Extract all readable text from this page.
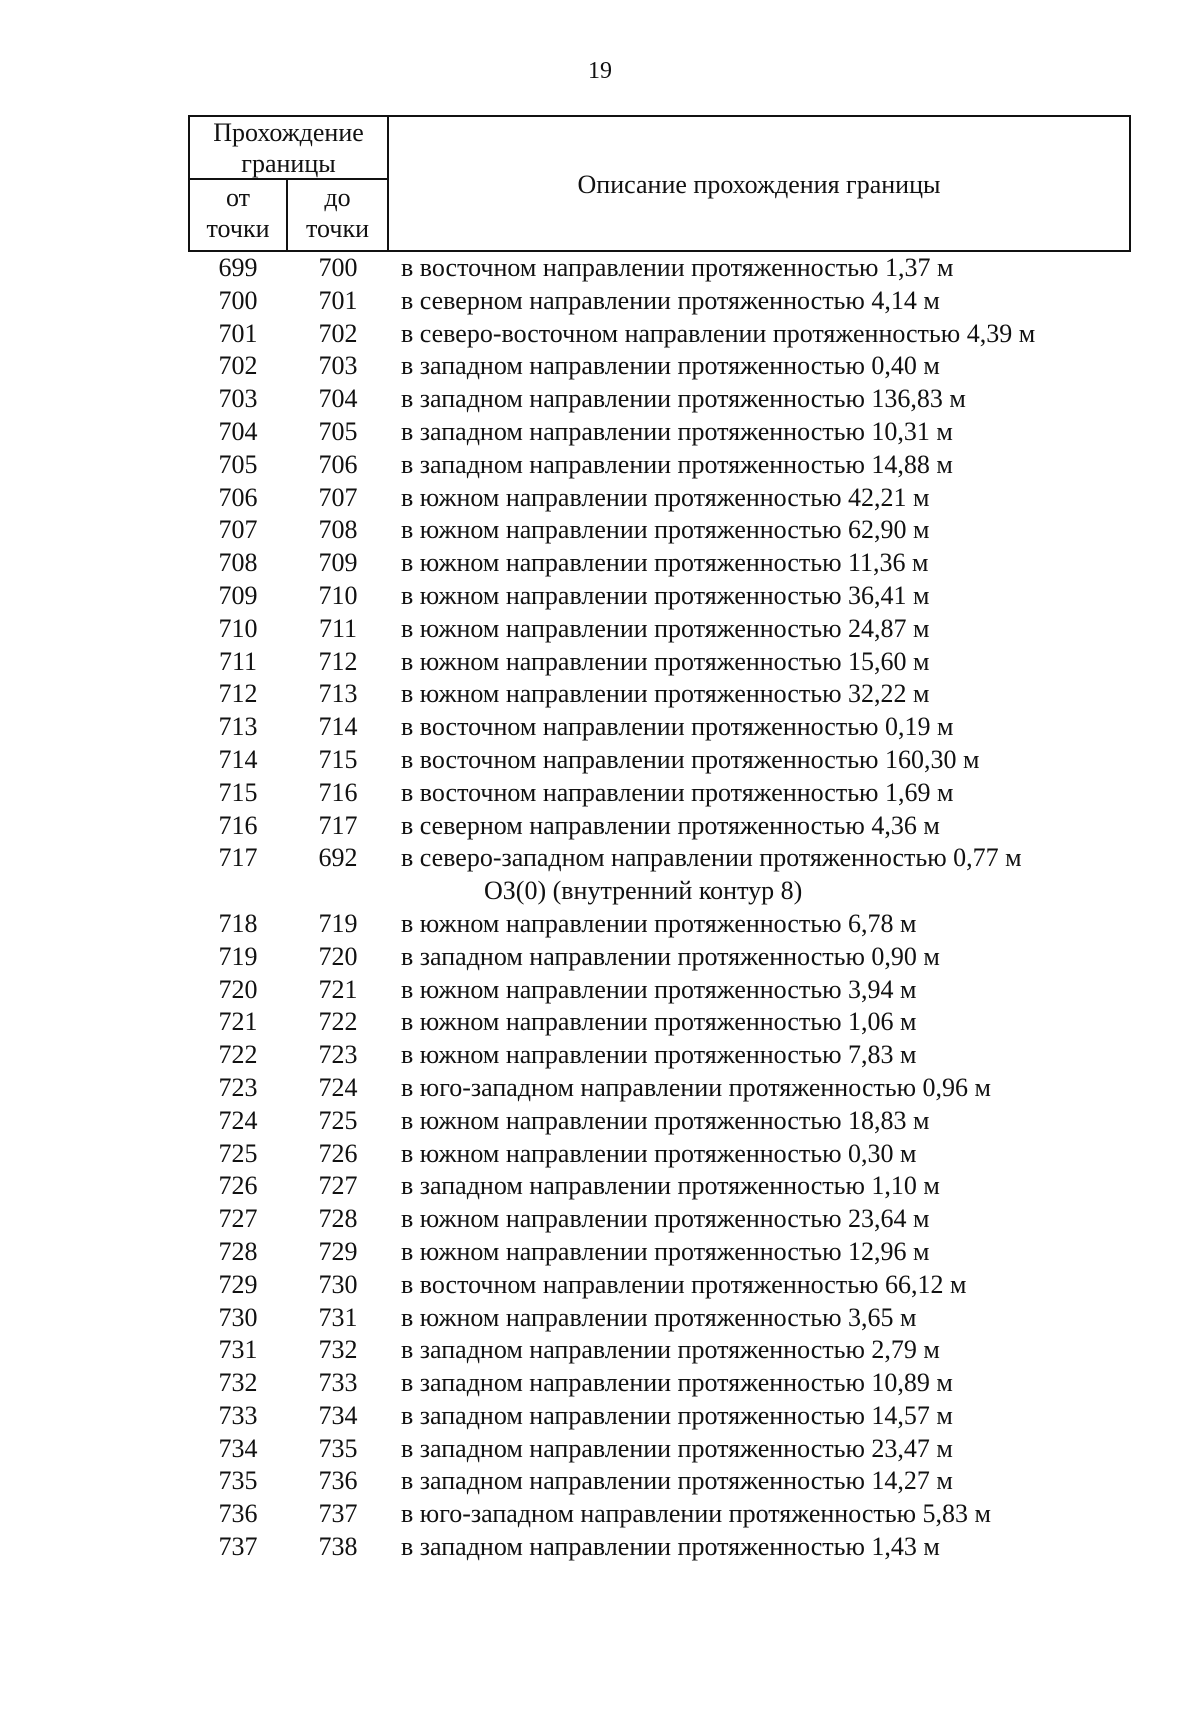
19
Прохождение
границы
от
точки
до
точки
Описание прохождения границы
699	700	в восточном направлении протяженностью 1,37 м
700	701	в северном направлении протяженностью 4,14 м
701	702	в северо-восточном направлении протяженностью 4,39 м
702	703	в западном направлении протяженностью 0,40 м
703	704	в западном направлении протяженностью 136,83 м
704	705	в западном направлении протяженностью 10,31 м
705	706	в западном направлении протяженностью 14,88 м
706	707	в южном направлении протяженностью 42,21 м
707	708	в южном направлении протяженностью 62,90 м
708	709	в южном направлении протяженностью 11,36 м
709	710	в южном направлении протяженностью 36,41 м
710	711	в южном направлении протяженностью 24,87 м
711	712	в южном направлении протяженностью 15,60 м
712	713	в южном направлении протяженностью 32,22 м
713	714	в восточном направлении протяженностью 0,19 м
714	715	в восточном направлении протяженностью 160,30 м
715	716	в восточном направлении протяженностью 1,69 м
716	717	в северном направлении протяженностью 4,36 м
717	692	в северо-западном направлении протяженностью 0,77 м
ОЗ(0) (внутренний контур 8)
718	719	в южном направлении протяженностью 6,78 м
719	720	в западном направлении протяженностью 0,90 м
720	721	в южном направлении протяженностью 3,94 м
721	722	в южном направлении протяженностью 1,06 м
722	723	в южном направлении протяженностью 7,83 м
723	724	в юго-западном направлении протяженностью 0,96 м
724	725	в южном направлении протяженностью 18,83 м
725	726	в южном направлении протяженностью 0,30 м
726	727	в западном направлении протяженностью 1,10 м
727	728	в южном направлении протяженностью 23,64 м
728	729	в южном направлении протяженностью 12,96 м
729	730	в восточном направлении протяженностью 66,12 м
730	731	в южном направлении протяженностью 3,65 м
731	732	в западном направлении протяженностью 2,79 м
732	733	в западном направлении протяженностью 10,89 м
733	734	в западном направлении протяженностью 14,57 м
734	735	в западном направлении протяженностью 23,47 м
735	736	в западном направлении протяженностью 14,27 м
736	737	в юго-западном направлении протяженностью 5,83 м
737	738	в западном направлении протяженностью 1,43 м
